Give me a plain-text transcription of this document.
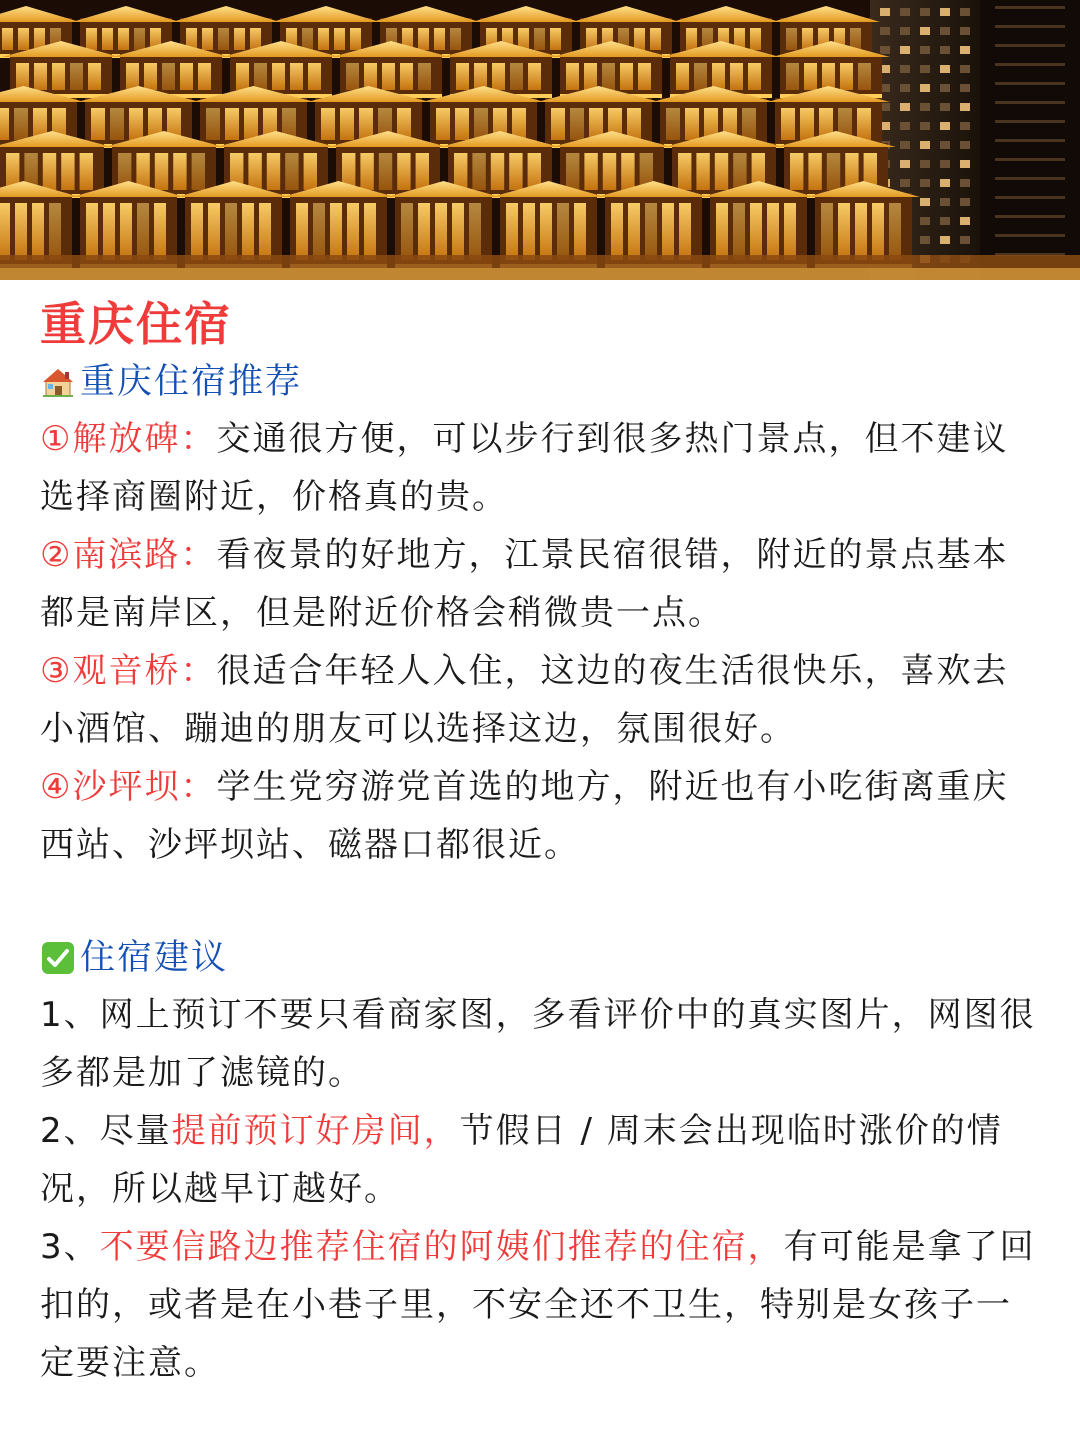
重庆住宿
重庆住宿推荐
①解放碑：交通很方便，可以步行到很多热门景点，但不建议选择商圈附近，价格真的贵。
②南滨路：看夜景的好地方，江景民宿很错，附近的景点基本都是南岸区，但是附近价格会稍微贵一点。
③观音桥：很适合年轻人入住，这边的夜生活很快乐，喜欢去小酒馆、蹦迪的朋友可以选择这边，氛围很好。
④沙坪坝：学生党穷游党首选的地方，附近也有小吃街离重庆西站、沙坪坝站、磁器口都很近。
住宿建议
1、网上预订不要只看商家图，多看评价中的真实图片，网图很多都是加了滤镜的。
2、尽量提前预订好房间，节假日 / 周末会出现临时涨价的情况，所以越早订越好。
3、不要信路边推荐住宿的阿姨们推荐的住宿，有可能是拿了回扣的，或者是在小巷子里，不安全还不卫生，特别是女孩子一定要注意。
